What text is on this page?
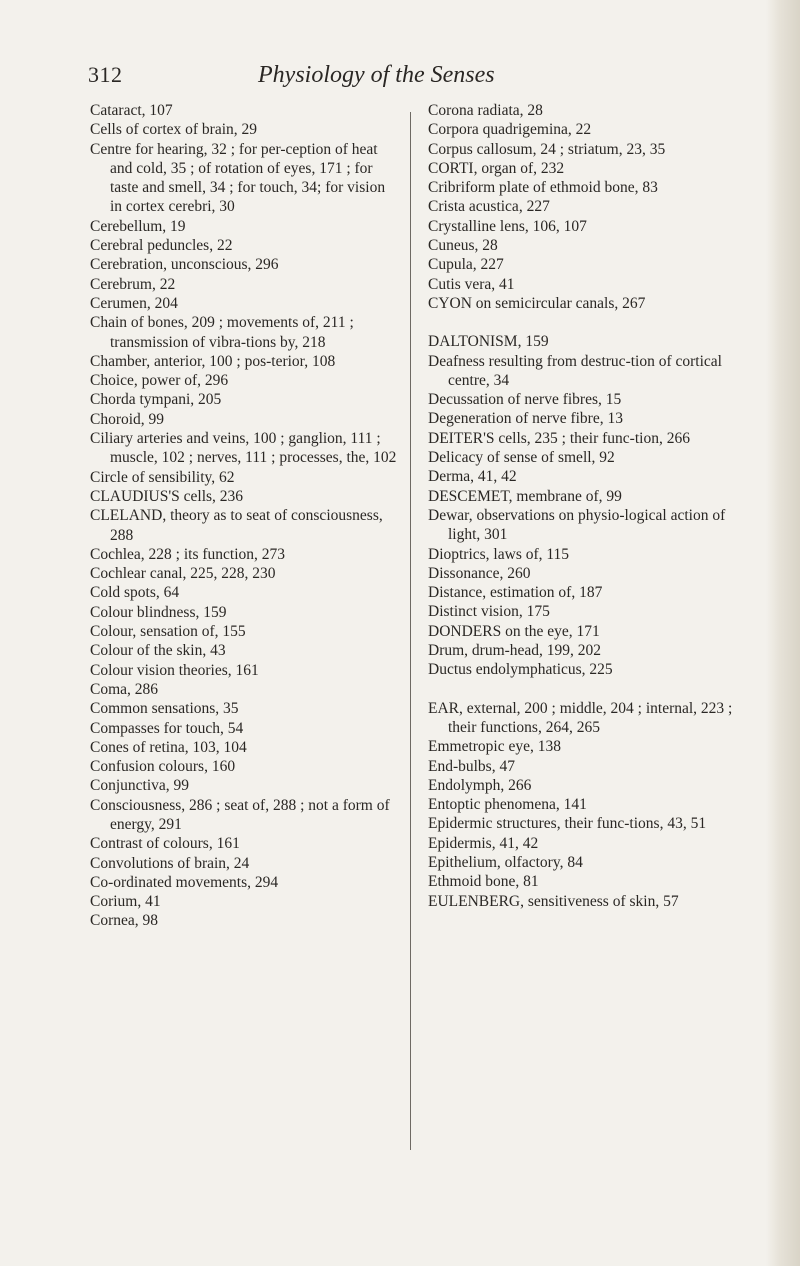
312	Physiology of the Senses

Cataract, 107

Cells of cortex of brain, 29

Centre for hearing, 32 ; for per-ception of heat and cold, 35 ; of rotation of eyes, 171 ; for taste and smell, 34 ; for touch, 34; for vision in cortex cerebri, 30

Cerebellum, 19

Cerebral peduncles, 22

Cerebration, unconscious, 296

Cerebrum, 22

Cerumen, 204

Chain of bones, 209 ; movements of, 211 ; transmission of vibra-tions by, 218

Chamber, anterior, 100 ; pos-terior, 108

Choice, power of, 296

Chorda tympani, 205

Choroid, 99

Ciliary arteries and veins, 100 ; ganglion, 111 ; muscle, 102 ; nerves, 111 ; processes, the, 102

Circle of sensibility, 62

CLAUDIUS'S cells, 236

CLELAND, theory as to seat of consciousness, 288

Cochlea, 228 ; its function, 273

Cochlear canal, 225, 228, 230

Cold spots, 64

Colour blindness, 159

Colour, sensation of, 155

Colour of the skin, 43

Colour vision theories, 161

Coma, 286

Common sensations, 35

Compasses for touch, 54

Cones of retina, 103, 104

Confusion colours, 160

Conjunctiva, 99

Consciousness, 286 ; seat of, 288 ; not a form of energy, 291

Contrast of colours, 161

Convolutions of brain, 24

Co-ordinated movements, 294

Corium, 41

Cornea, 98

Corona radiata, 28

Corpora quadrigemina, 22

Corpus callosum, 24 ; striatum, 23, 35

CORTI, organ of, 232

Cribriform plate of ethmoid bone, 83

Crista acustica, 227

Crystalline lens, 106, 107

Cuneus, 28

Cupula, 227

Cutis vera, 41

CYON on semicircular canals, 267

DALTONISM, 159

Deafness resulting from destruc-tion of cortical centre, 34

Decussation of nerve fibres, 15

Degeneration of nerve fibre, 13

DEITER'S cells, 235 ; their func-tion, 266

Delicacy of sense of smell, 92

Derma, 41, 42

DESCEMET, membrane of, 99

Dewar, observations on physio-logical action of light, 301

Dioptrics, laws of, 115

Dissonance, 260

Distance, estimation of, 187

Distinct vision, 175

DONDERS on the eye, 171

Drum, drum-head, 199, 202

Ductus endolymphaticus, 225

EAR, external, 200 ; middle, 204 ; internal, 223 ; their functions, 264, 265

Emmetropic eye, 138

End-bulbs, 47

Endolymph, 266

Entoptic phenomena, 141

Epidermic structures, their func-tions, 43, 51

Epidermis, 41, 42

Epithelium, olfactory, 84

Ethmoid bone, 81

EULENBERG, sensitiveness of skin, 57
